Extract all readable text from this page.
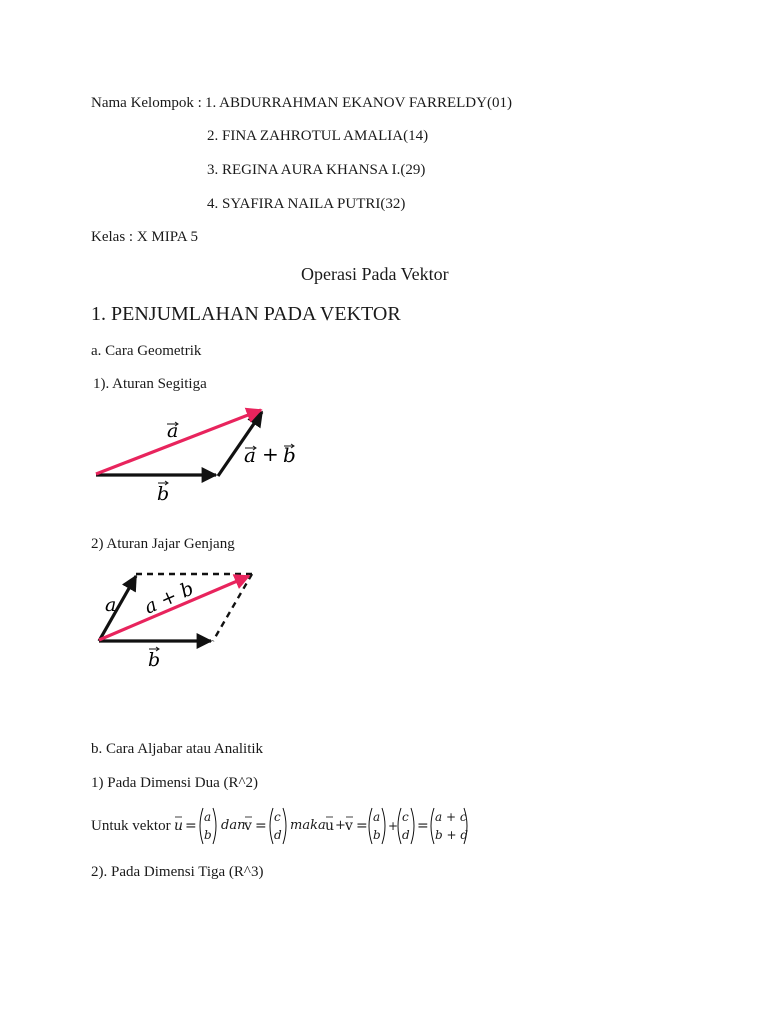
Nama Kelompok : 1. ABDURRAHMAN EKANOV FARRELDY(01)
2. FINA ZAHROTUL AMALIA(14)
3. REGINA AURA KHANSA I.(29)
4. SYAFIRA NAILA PUTRI(32)
Kelas : X MIPA 5
Operasi Pada Vektor
1. PENJUMLAHAN PADA VEKTOR
a. Cara Geometrik
1). Aturan Segitiga
a
b
a + b
a
b
a + b
2) Aturan Jajar Genjang
b. Cara Aljabar atau Analitik
1) Pada Dimensi Dua (R^2)
Untuk vektor u =
a
b
dan
v =
c
d
maka u + v =
a
b
+
c
d
=
a + c
b + d
2). Pada Dimensi Tiga (R^3)
